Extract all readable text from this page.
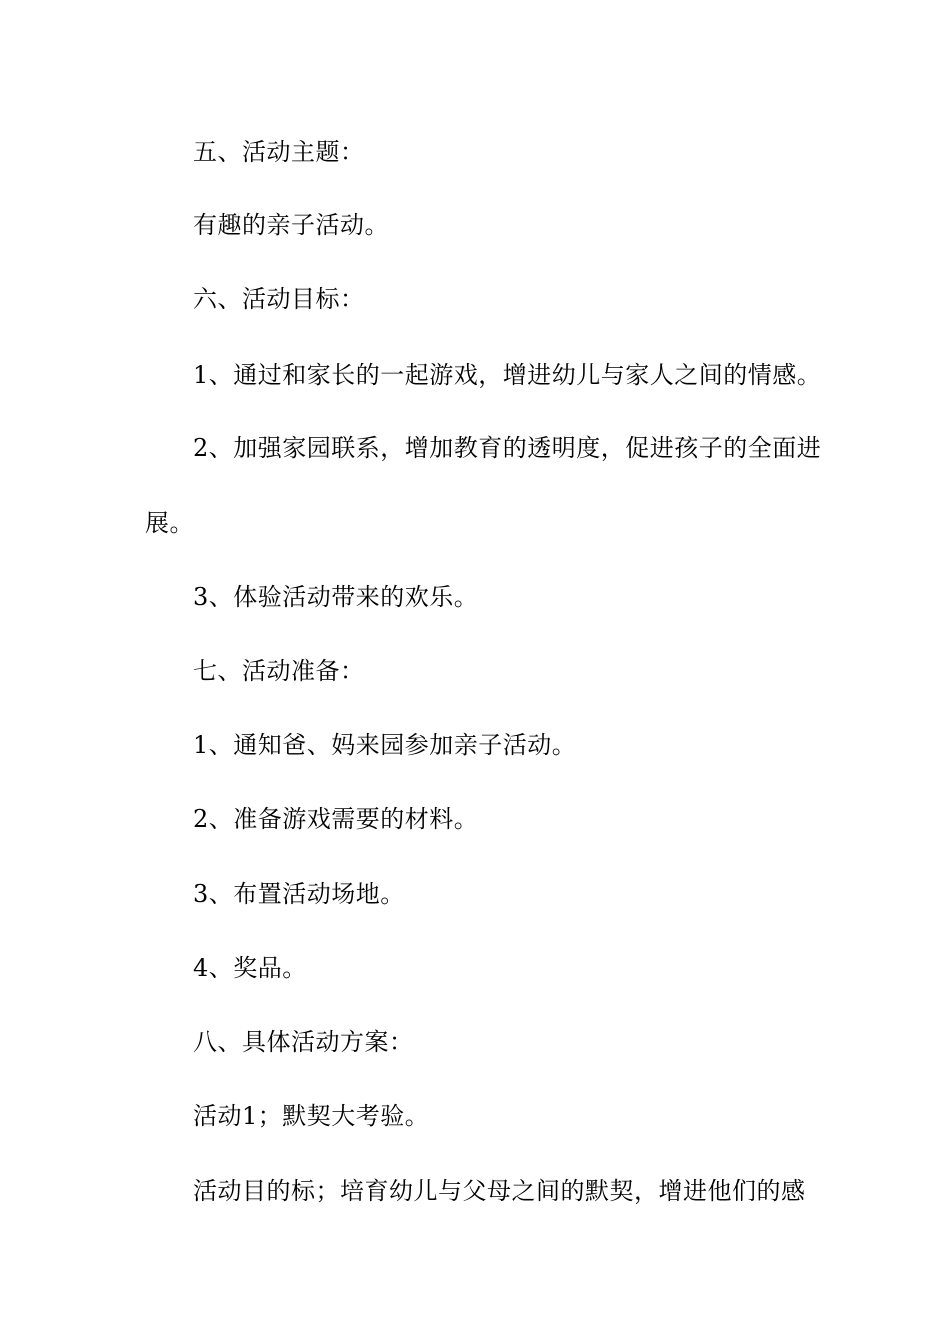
五、活动主题：
有趣的亲子活动。
六、活动目标：
1、通过和家长的一起游戏，增进幼儿与家人之间的情感。
2、加强家园联系，增加教育的透明度，促进孩子的全面进
展。
3、体验活动带来的欢乐。
七、活动准备：
1、通知爸、妈来园参加亲子活动。
2、准备游戏需要的材料。
3、布置活动场地。
4、奖品。
八、具体活动方案：
活动1；默契大考验。
活动目的标；培育幼儿与父母之间的默契，增进他们的感
